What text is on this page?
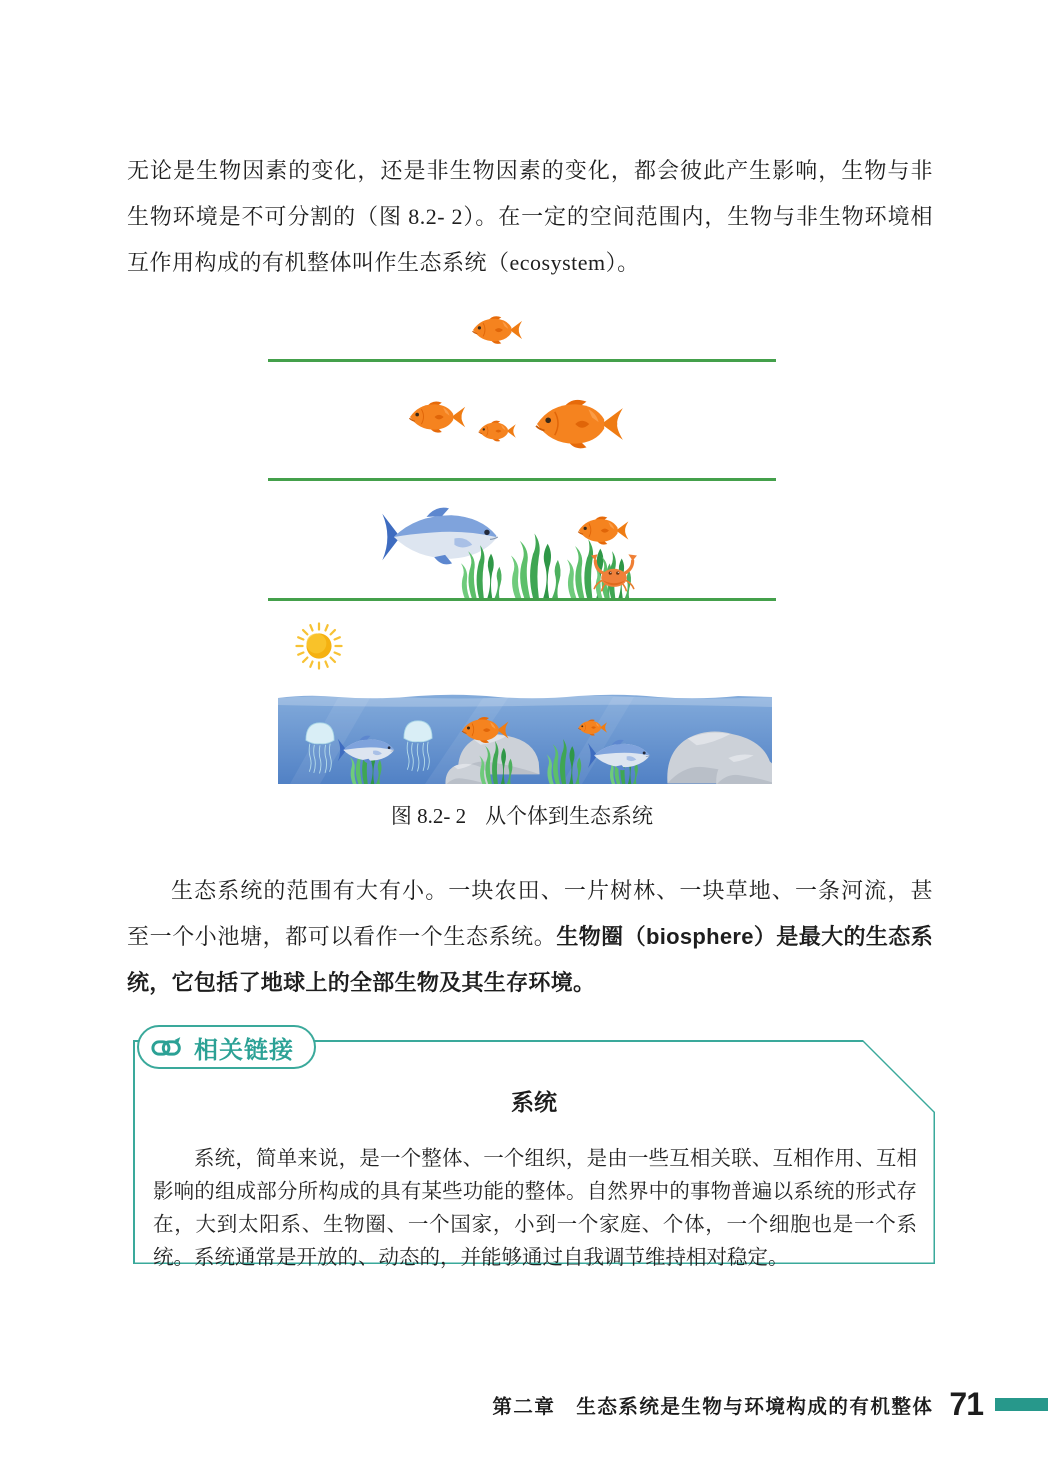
无论是生物因素的变化，还是非生物因素的变化，都会彼此产生影响，生物与非生物环境是不可分割的（图 8.2- 2）。在一定的空间范围内，生物与非生物环境相互作用构成的有机整体叫作生态系统（ecosystem）。

图 8.2- 2 从个体到生态系统

生态系统的范围有大有小。一块农田、一片树林、一块草地、一条河流，甚至一个小池塘，都可以看作一个生态系统。生物圈（biosphere）是最大的生态系统，它包括了地球上的全部生物及其生存环境。

相关链接
系统

系统，简单来说，是一个整体、一个组织，是由一些互相关联、互相作用、互相影响的组成部分所构成的具有某些功能的整体。自然界中的事物普遍以系统的形式存在，大到太阳系、生物圈、一个国家，小到一个家庭、个体，一个细胞也是一个系统。系统通常是开放的、动态的，并能够通过自我调节维持相对稳定。

第二章　生态系统是生物与环境构成的有机整体 71
